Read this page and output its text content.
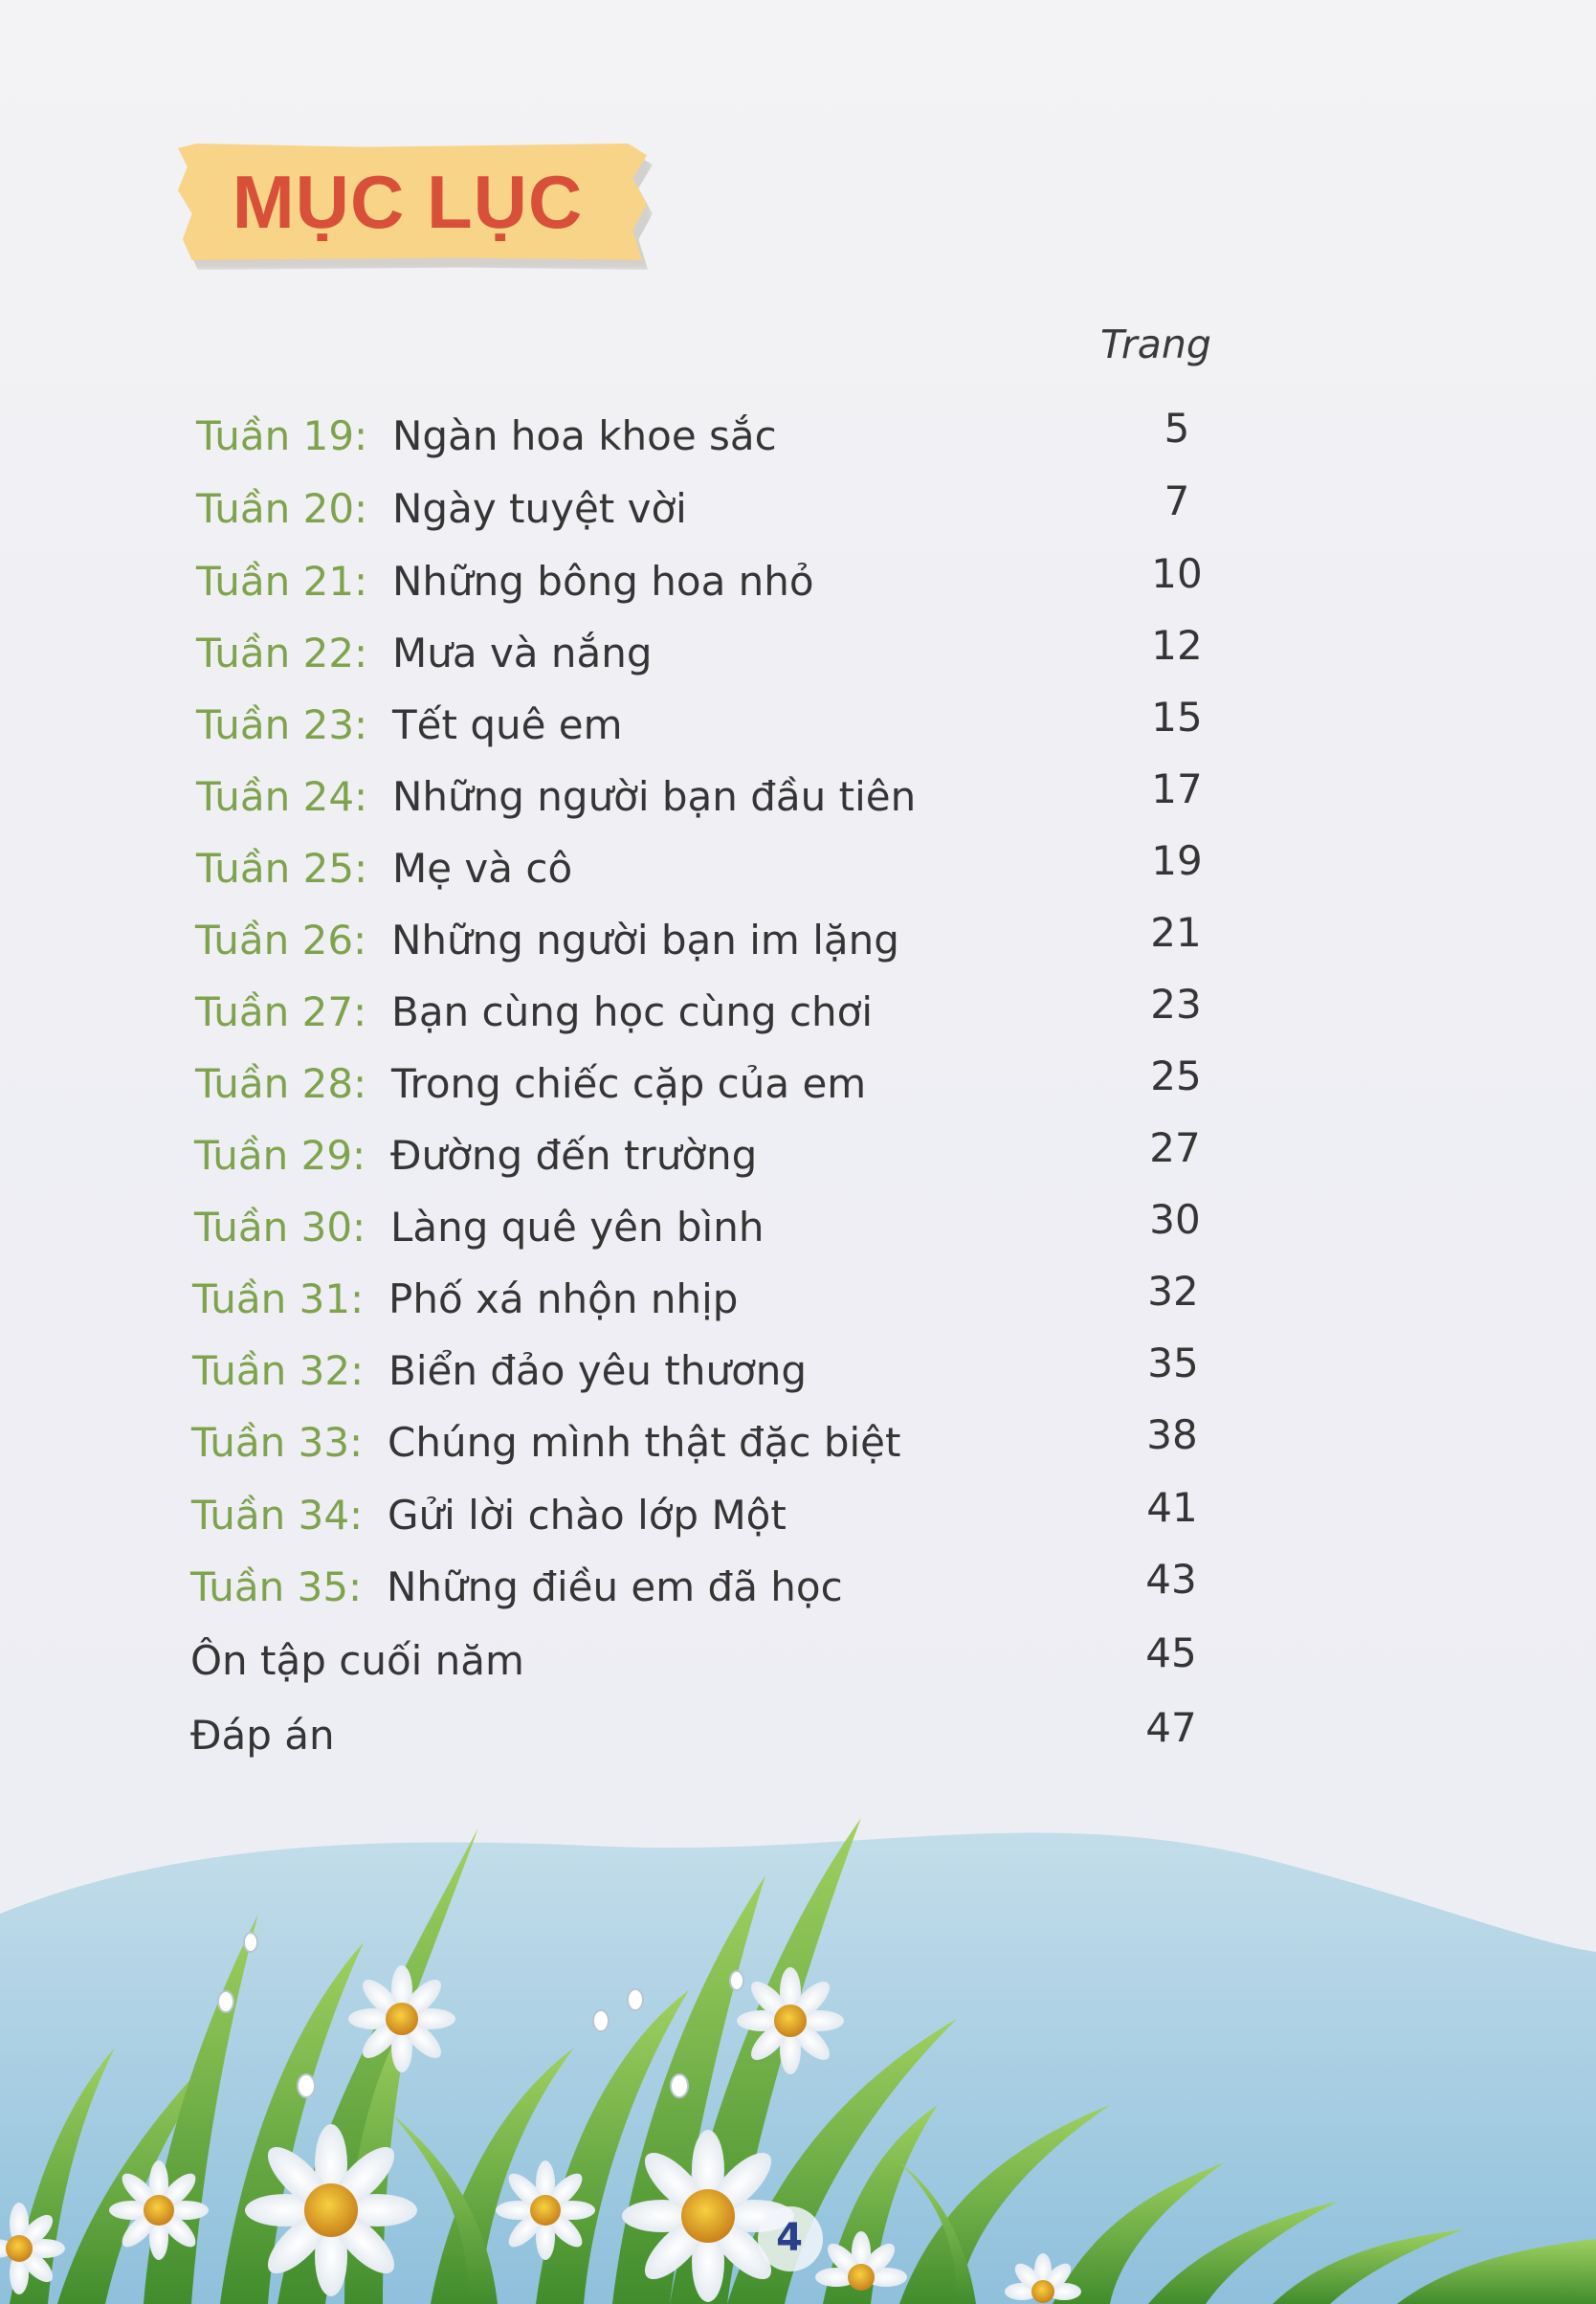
MỤC LỤC
Trang
Tuần 19: Ngàn hoa khoe sắc	5
Tuần 20: Ngày tuyệt vời	7
Tuần 21: Những bông hoa nhỏ	10
Tuần 22: Mưa và nắng	12
Tuần 23: Tết quê em	15
Tuần 24: Những người bạn đầu tiên	17
Tuần 25: Mẹ và cô	19
Tuần 26: Những người bạn im lặng	21
Tuần 27: Bạn cùng học cùng chơi	23
Tuần 28: Trong chiếc cặp của em	25
Tuần 29: Đường đến trường	27
Tuần 30: Làng quê yên bình	30
Tuần 31: Phố xá nhộn nhịp	32
Tuần 32: Biển đảo yêu thương	35
Tuần 33: Chúng mình thật đặc biệt	38
Tuần 34: Gửi lời chào lớp Một	41
Tuần 35: Những điều em đã học	43
Ôn tập cuối năm	45
Đáp án	47
4
